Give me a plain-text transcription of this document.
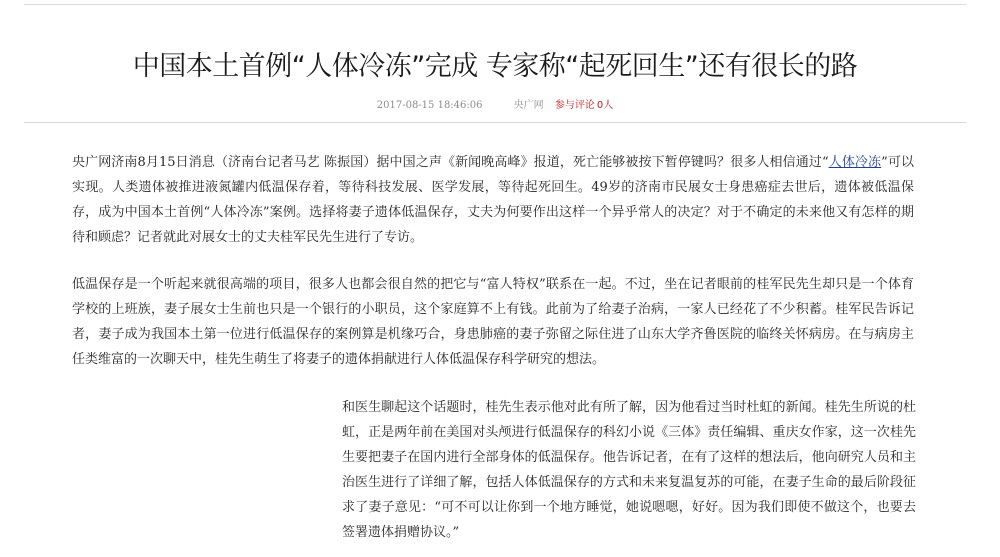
中国本土首例“人体冷冻”完成 专家称“起死回生”还有很长的路
2017-08-15 18:46:06	央广网 参与评论 0人

央广网济南8月15日消息（济南台记者马艺 陈振国）据中国之声《新闻晚高峰》报道，死亡能够被按下暂停键吗？很多人相信通过“人体冷冻”可以实现。人类遗体被推进液氮罐内低温保存着，等待科技发展、医学发展，等待起死回生。49岁的济南市民展女士身患癌症去世后，遗体被低温保存，成为中国本土首例“人体冷冻”案例。选择将妻子遗体低温保存，丈夫为何要作出这样一个异乎常人的决定？对于不确定的未来他又有怎样的期待和顾虑？记者就此对展女士的丈夫桂军民先生进行了专访。

低温保存是一个听起来就很高端的项目，很多人也都会很自然的把它与“富人特权”联系在一起。不过，坐在记者眼前的桂军民先生却只是一个体育学校的上班族，妻子展女士生前也只是一个银行的小职员，这个家庭算不上有钱。此前为了给妻子治病，一家人已经花了不少积蓄。桂军民告诉记者，妻子成为我国本土第一位进行低温保存的案例算是机缘巧合，身患肺癌的妻子弥留之际住进了山东大学齐鲁医院的临终关怀病房。在与病房主任类维富的一次聊天中，桂先生萌生了将妻子的遗体捐献进行人体低温保存科学研究的想法。

和医生聊起这个话题时，桂先生表示他对此有所了解，因为他看过当时杜虹的新闻。桂先生所说的杜虹，正是两年前在美国对头颅进行低温保存的科幻小说《三体》责任编辑、重庆女作家，这一次桂先生要把妻子在国内进行全部身体的低温保存。他告诉记者，在有了这样的想法后，他向研究人员和主治医生进行了详细了解，包括人体低温保存的方式和未来复温复苏的可能，在妻子生命的最后阶段征求了妻子意见：“可不可以让你到一个地方睡觉，她说嗯嗯，好好。因为我们即使不做这个，也要去签署遗体捐赠协议。”
